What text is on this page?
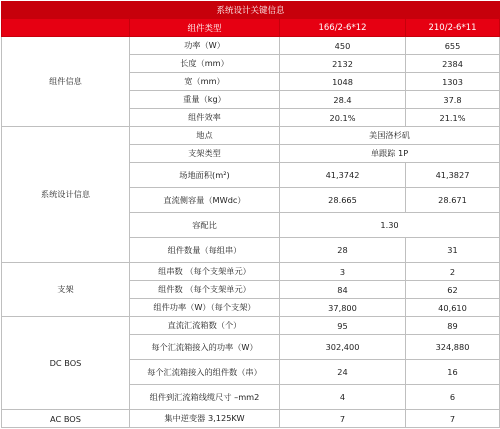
系统设计关键信息			
	组件类型	166/2-6*12	210/2-6*11
组件信息	功率（W）	450	655
	长度（mm）	2132	2384
	宽（mm）	1048	1303
	重量（kg）	28.4	37.8
	组件效率	20.1%	21.1%
系统设计信息	地点	美国洛杉矶	
	支架类型	单跟踪 1P	
	场地面积(m²)	41,3742	41,3827
	直流侧容量（MWdc）	28.665	28.671
	容配比	1.30	
	组件数量（每组串）	28	31
支架	组串数 （每个支架单元）	3	2
	组件数 （每个支架单元）	84	62
	组件功率（W）（每个支架）	37,800	40,610
DC BOS	直流汇流箱数（个）	95	89
	每个汇流箱接入的功率（W）	302,400	324,880
	每个汇流箱接入的组件数（串）	24	16
	组件到汇流箱线缆尺寸 –mm2	4	6
AC BOS	集中逆变器 3,125KW	7	7
